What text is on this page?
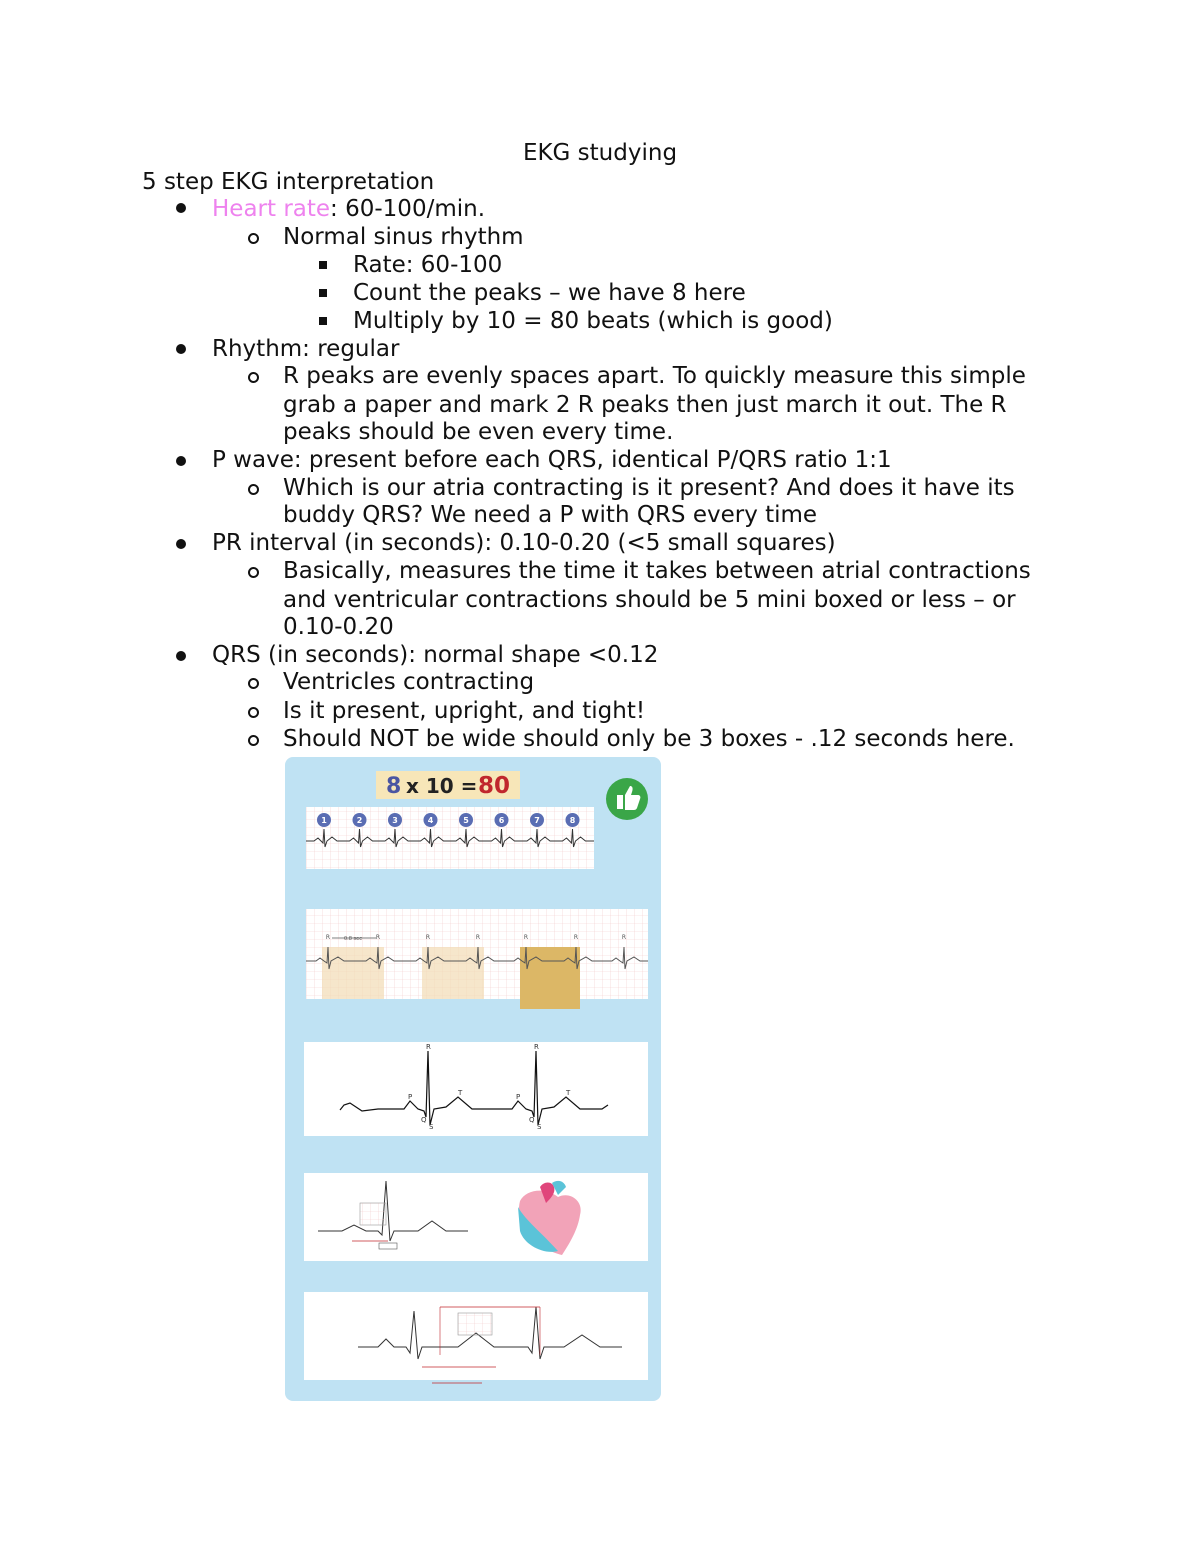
EKG studying
5 step EKG interpretation
Heart rate: 60-100/min.
Normal sinus rhythm
Rate: 60-100
Count the peaks – we have 8 here
Multiply by 10 = 80 beats (which is good)
Rhythm: regular
R peaks are evenly spaces apart. To quickly measure this simple
grab a paper and mark 2 R peaks then just march it out. The R
peaks should be even every time.
P wave: present before each QRS, identical P/QRS ratio 1:1
Which is our atria contracting is it present? And does it have its
buddy QRS? We need a P with QRS every time
PR interval (in seconds): 0.10-0.20 (<5 small squares)
Basically, measures the time it takes between atrial contractions
and ventricular contractions should be 5 mini boxed or less – or
0.10-0.20
QRS (in seconds): normal shape <0.12
Ventricles contracting
Is it present, upright, and tight!
Should NOT be wide should only be 3 boxes - .12 seconds here.
8 x 10 = 80
1	2	3	4	5	6	7	8
R	R	R	R	R	R	R
0.8 sec
R
P	T
Q
S
R
P	T
Q
S
